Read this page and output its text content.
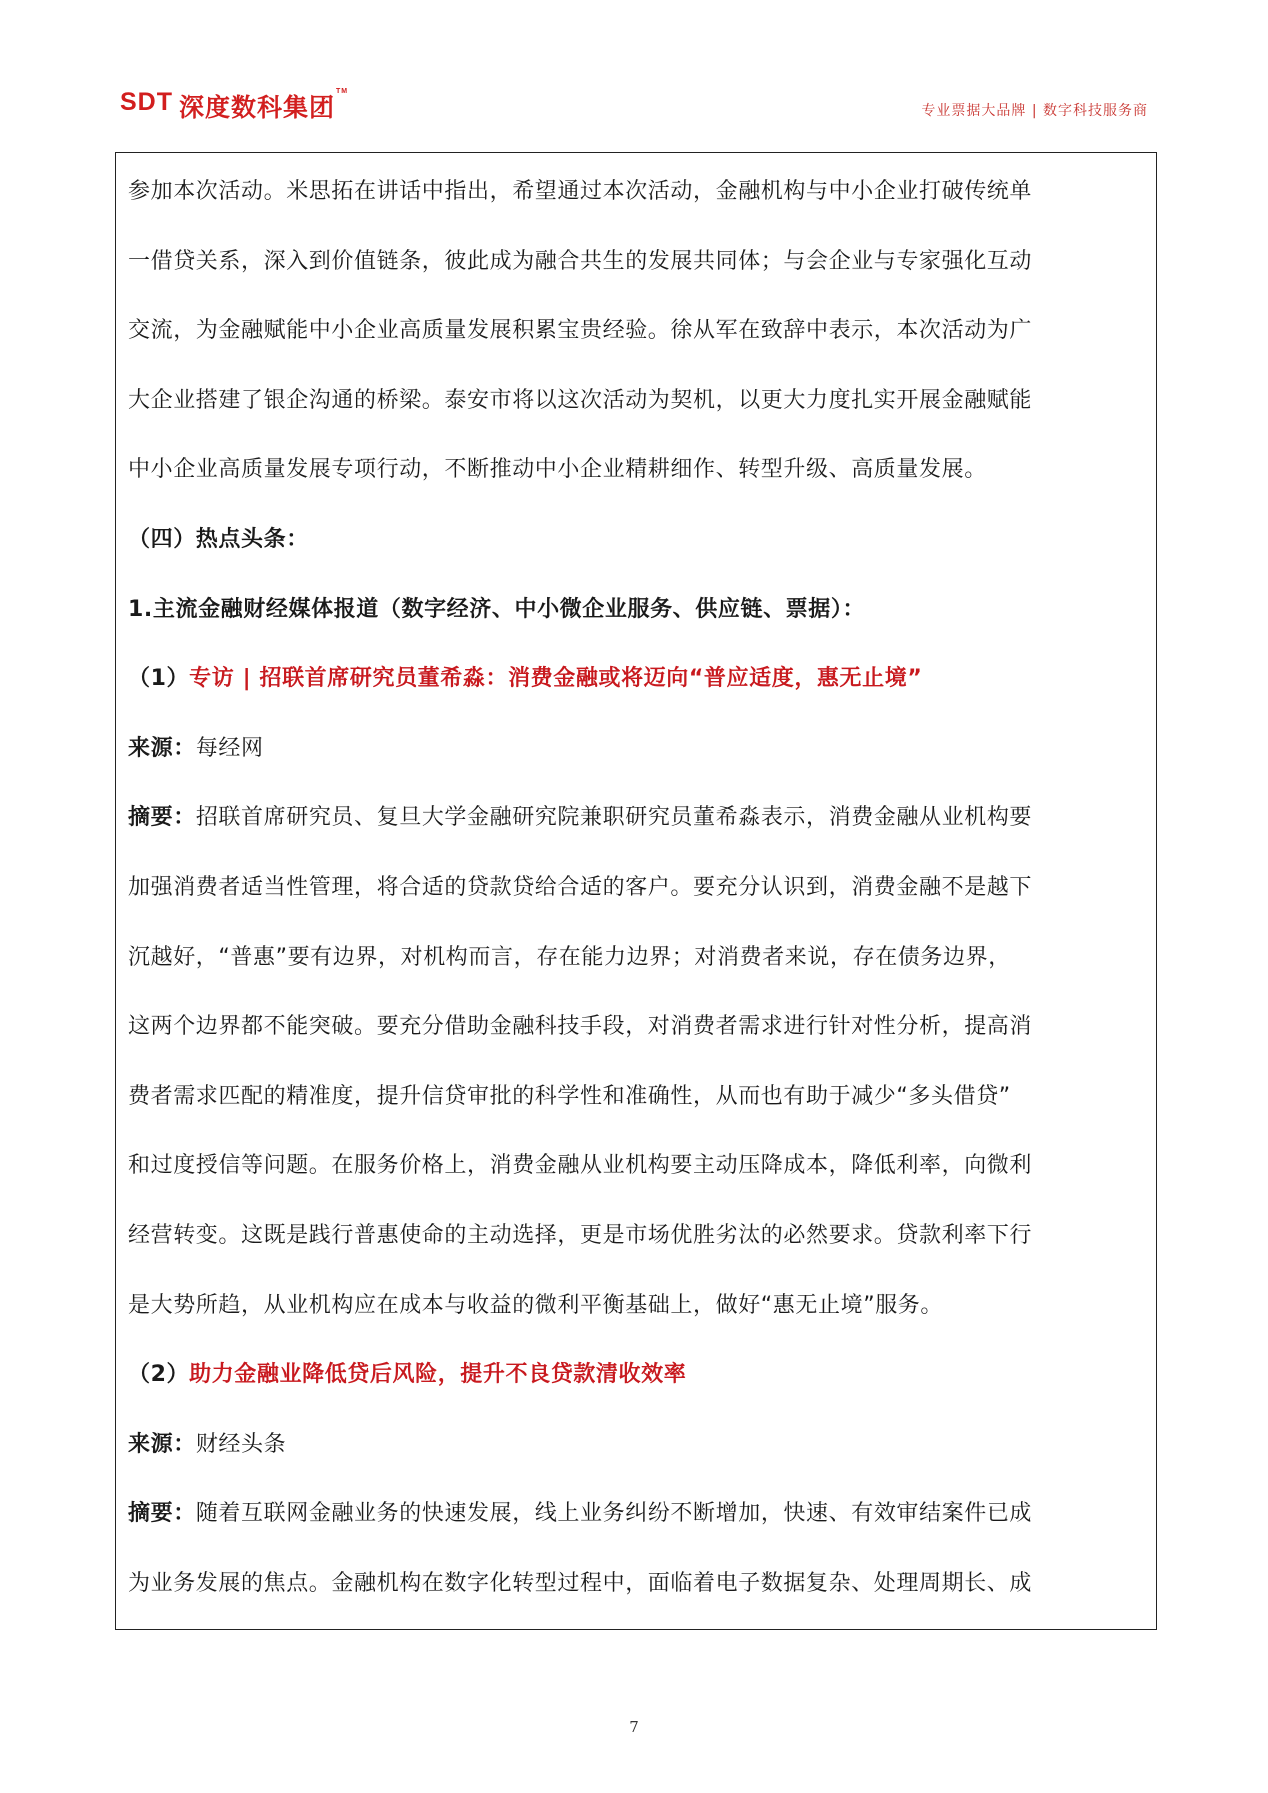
SDT 深度数科集团
TM
专业票据大品牌 | 数字科技服务商
参加本次活动。米思拓在讲话中指出，希望通过本次活动，金融机构与中小企业打破传统单
一借贷关系，深入到价值链条，彼此成为融合共生的发展共同体；与会企业与专家强化互动
交流，为金融赋能中小企业高质量发展积累宝贵经验。徐从军在致辞中表示，本次活动为广
大企业搭建了银企沟通的桥梁。泰安市将以这次活动为契机，以更大力度扎实开展金融赋能
中小企业高质量发展专项行动，不断推动中小企业精耕细作、转型升级、高质量发展。
（四）热点头条：
1.主流金融财经媒体报道（数字经济、中小微企业服务、供应链、票据）：
（1）专访 | 招联首席研究员董希淼：消费金融或将迈向“普应适度，惠无止境”
来源：每经网
摘要：招联首席研究员、复旦大学金融研究院兼职研究员董希淼表示，消费金融从业机构要
加强消费者适当性管理，将合适的贷款贷给合适的客户。要充分认识到，消费金融不是越下
沉越好，“普惠”要有边界，对机构而言，存在能力边界；对消费者来说，存在债务边界，
这两个边界都不能突破。要充分借助金融科技手段，对消费者需求进行针对性分析，提高消
费者需求匹配的精准度，提升信贷审批的科学性和准确性，从而也有助于减少“多头借贷”
和过度授信等问题。在服务价格上，消费金融从业机构要主动压降成本，降低利率，向微利
经营转变。这既是践行普惠使命的主动选择，更是市场优胜劣汰的必然要求。贷款利率下行
是大势所趋，从业机构应在成本与收益的微利平衡基础上，做好“惠无止境”服务。
（2）助力金融业降低贷后风险，提升不良贷款清收效率
来源：财经头条
摘要：随着互联网金融业务的快速发展，线上业务纠纷不断增加，快速、有效审结案件已成
为业务发展的焦点。金融机构在数字化转型过程中，面临着电子数据复杂、处理周期长、成
7
